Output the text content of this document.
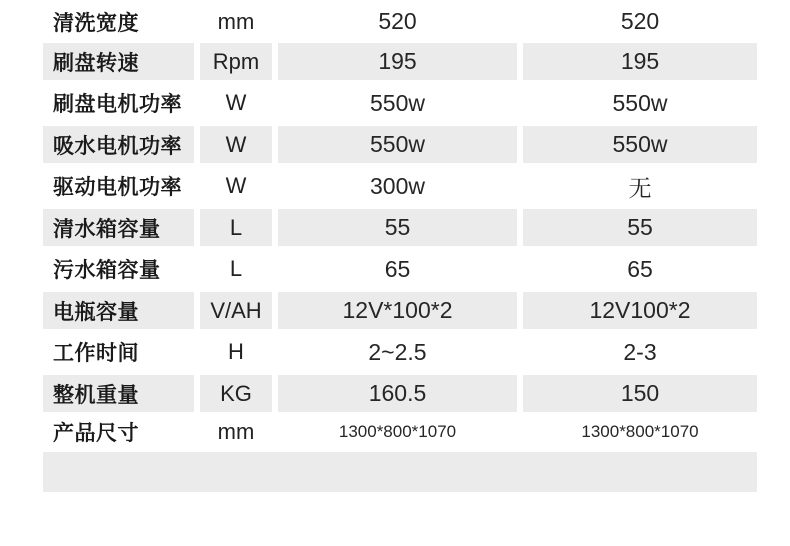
清洗宽度	mm	520	520
刷盘转速	Rpm	195	195
刷盘电机功率	W	550w	550w
吸水电机功率	W	550w	550w
驱动电机功率	W	300w	无
清水箱容量	L	55	55
污水箱容量	L	65	65
电瓶容量	V/AH	12V*100*2	12V100*2
工作时间	H	2~2.5	2-3
整机重量	KG	160.5	150
产品尺寸	mm	1300*800*1070	1300*800*1070
